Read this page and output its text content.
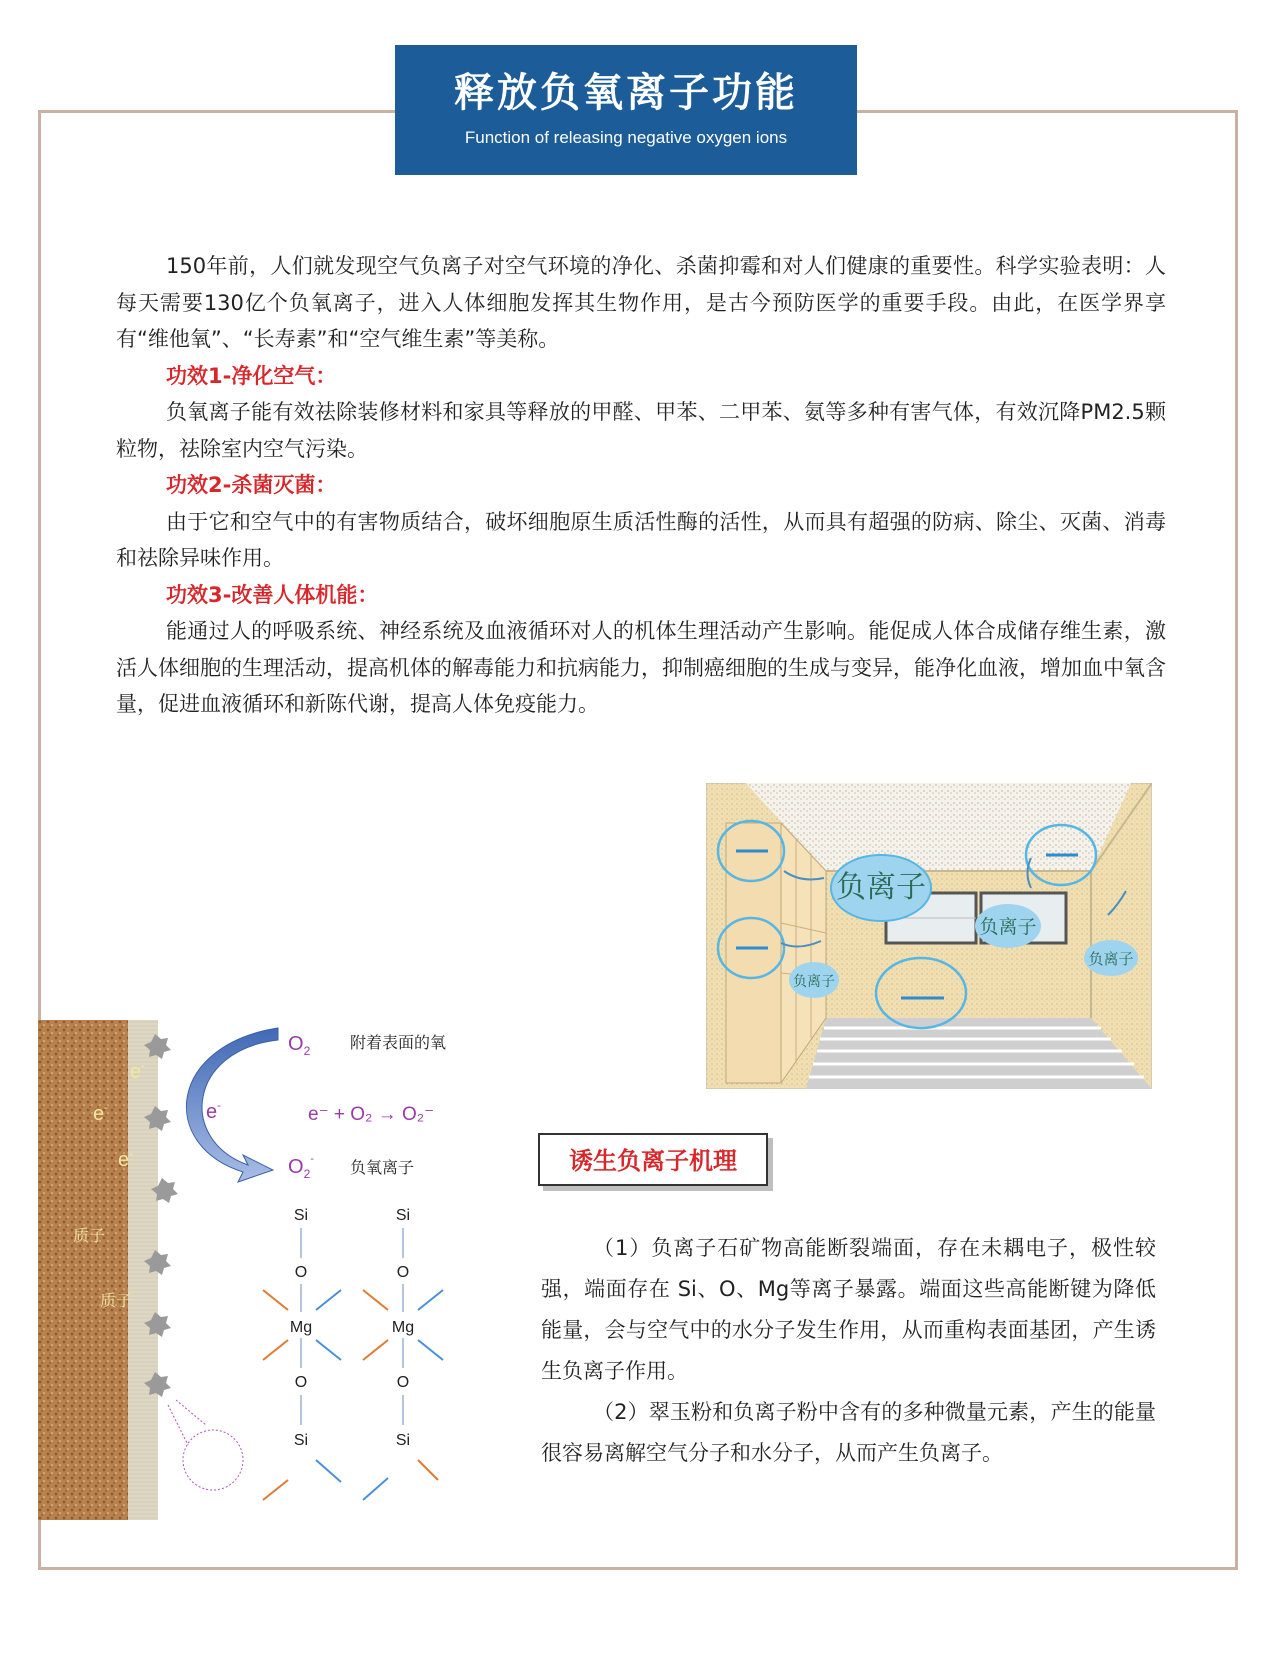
释放负氧离子功能
Function of releasing negative oxygen ions

150年前，人们就发现空气负离子对空气环境的净化、杀菌抑霉和对人们健康的重要性。科学实验表明：人每天需要130亿个负氧离子，进入人体细胞发挥其生物作用，是古今预防医学的重要手段。由此，在医学界享有“维他氧”、“长寿素”和“空气维生素”等美称。

功效1-净化空气：

负氧离子能有效祛除装修材料和家具等释放的甲醛、甲苯、二甲苯、氨等多种有害气体，有效沉降PM2.5颗粒物，祛除室内空气污染。

功效2-杀菌灭菌：

由于它和空气中的有害物质结合，破坏细胞原生质活性酶的活性，从而具有超强的防病、除尘、灭菌、消毒和祛除异味作用。

功效3-改善人体机能：

能通过人的呼吸系统、神经系统及血液循环对人的机体生理活动产生影响。能促成人体合成储存维生素，激活人体细胞的生理活动，提高机体的解毒能力和抗病能力，抑制癌细胞的生成与变异，能净化血液，增加血中氧含量，促进血液循环和新陈代谢，提高人体免疫能力。

负离子
负离子
负离子
负离子
诱生负离子机理

（1）负离子石矿物高能断裂端面，存在未耦电子，极性较强，端面存在 Si、O、Mg等离子暴露。端面这些高能断键为降低能量，会与空气中的水分子发生作用，从而重构表面基团，产生诱生负离子作用。

（2）翠玉粉和负离子粉中含有的多种微量元素，产生的能量很容易离解空气分子和水分子，从而产生负离子。

e-
e-
e-
质子
质子
e-
$O_2$ 附着表面的氧
e⁻ + O₂ → O₂⁻
$O_2^-$ 负氧离子
Si
O
Mg
O
Si
Si
O
Mg
O
Si
